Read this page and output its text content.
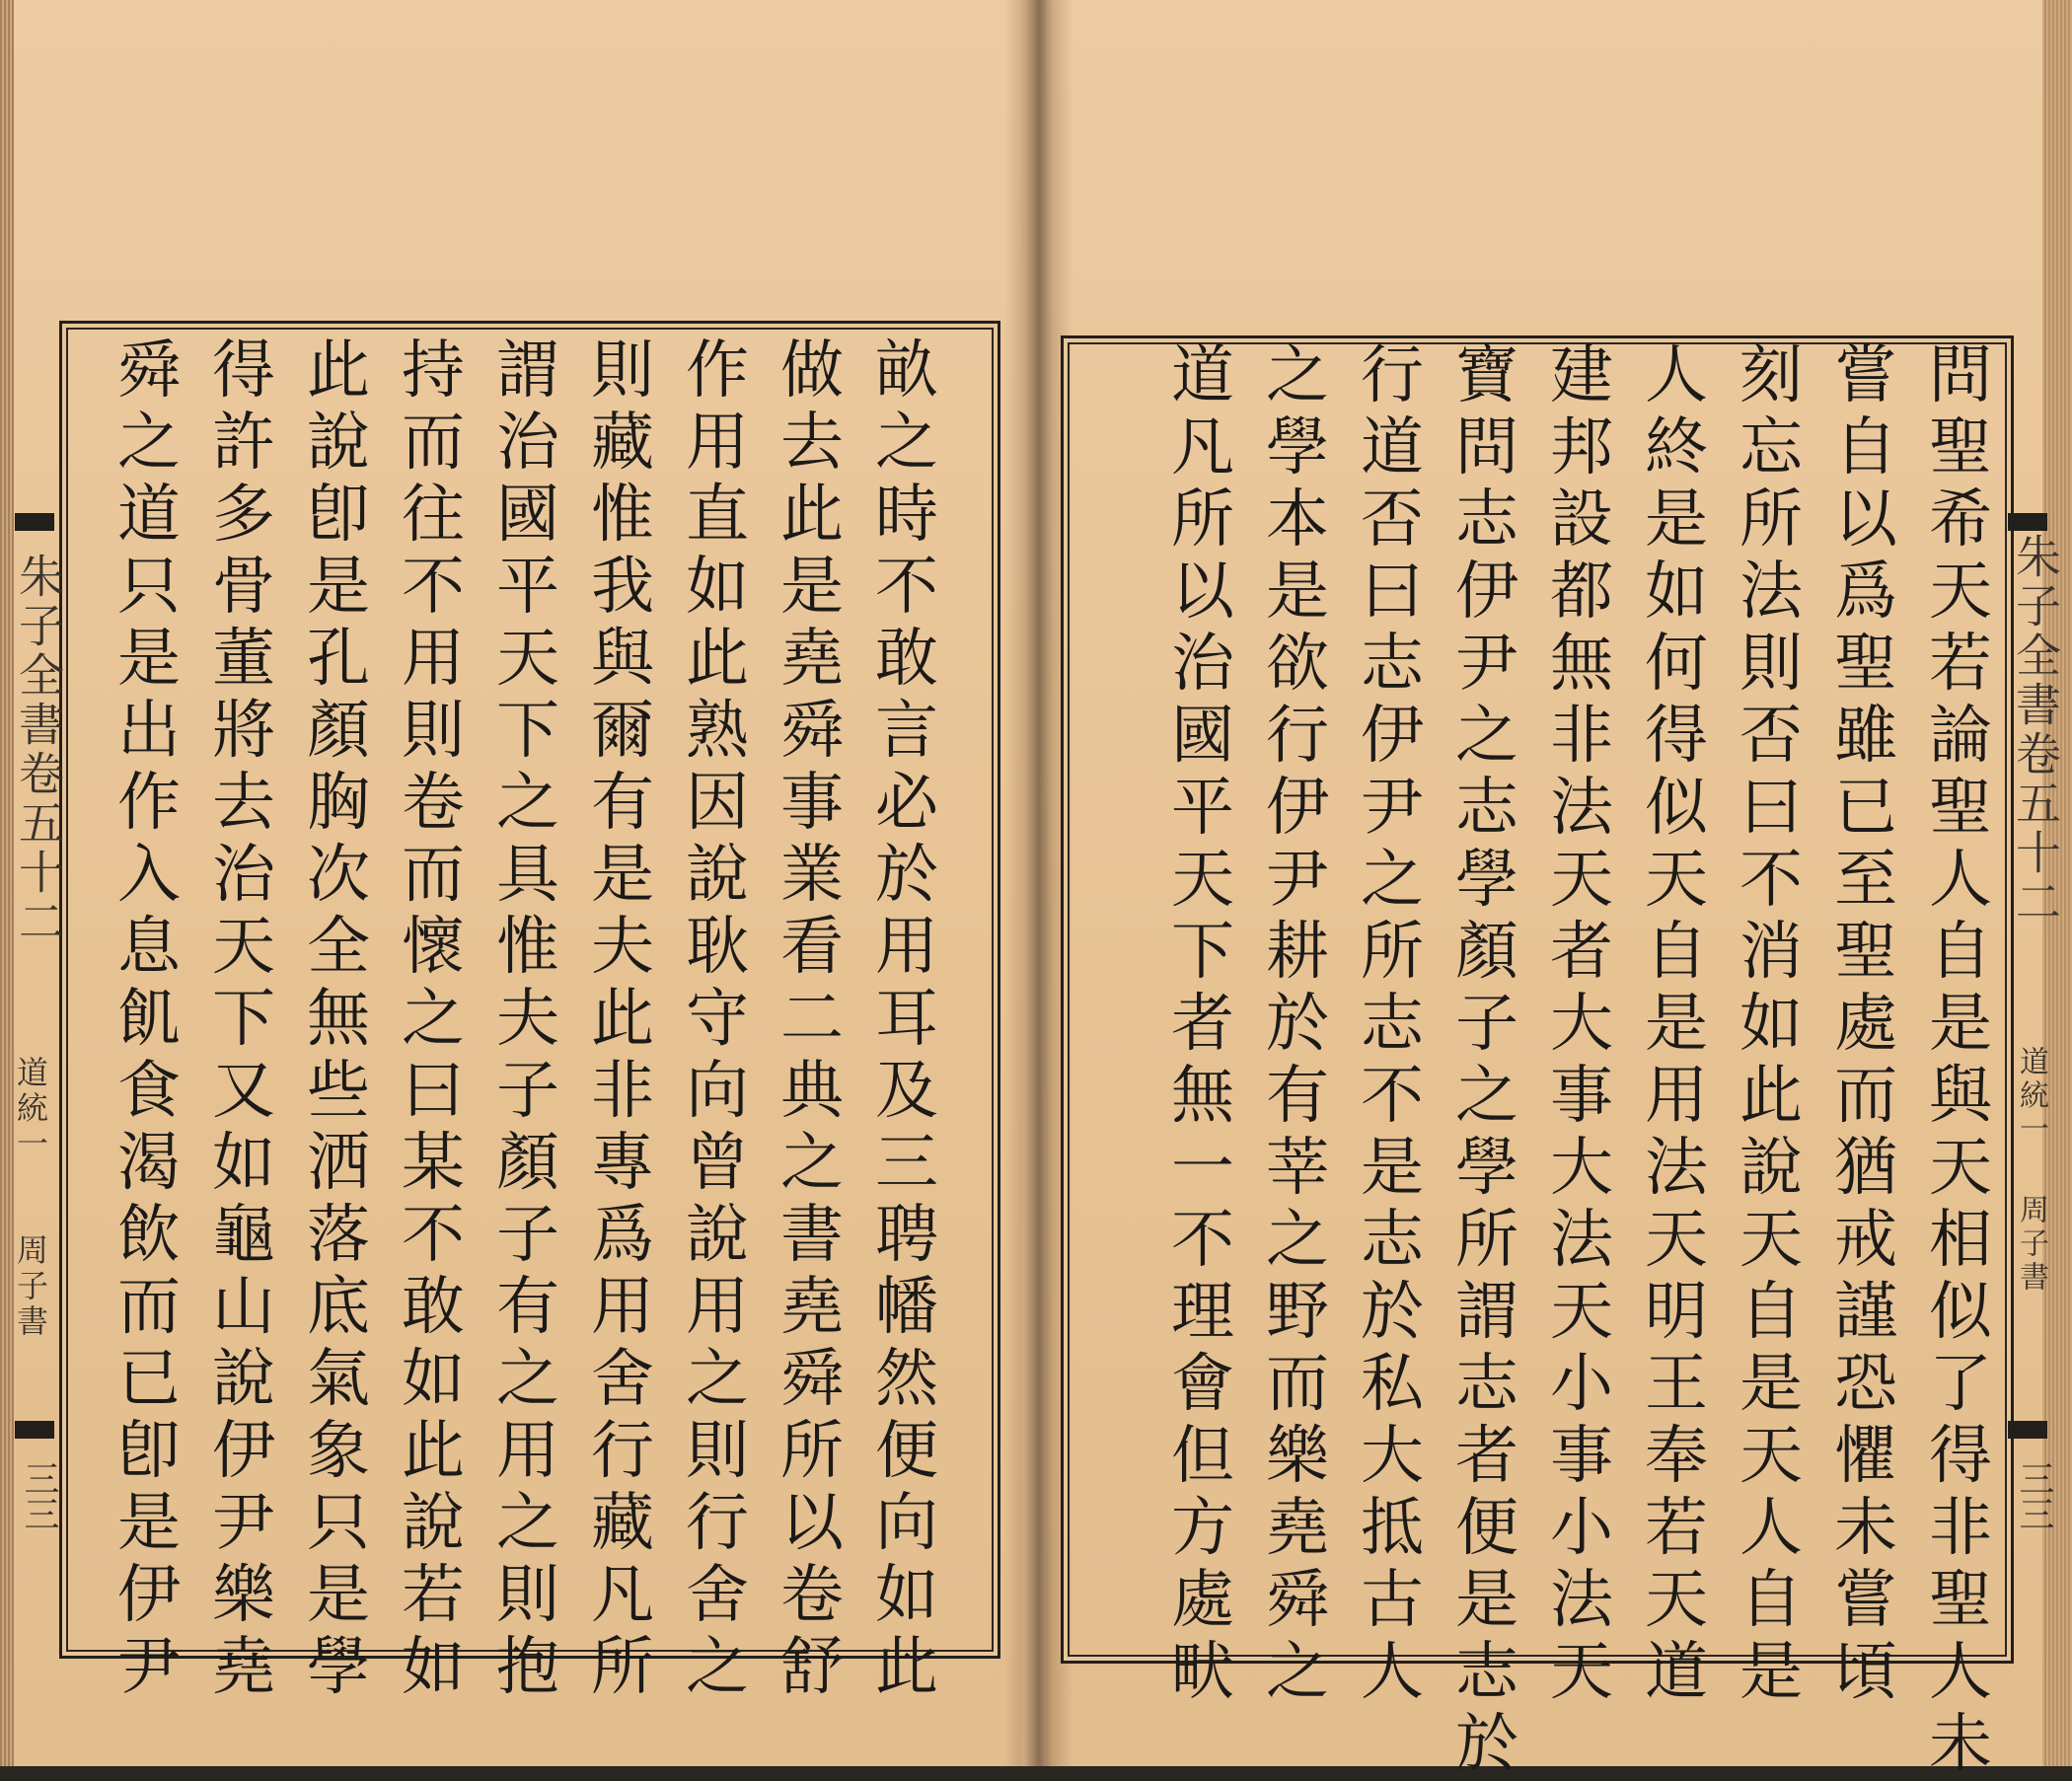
朱子全書卷五十二
道統一
周子書
三三
朱子全書卷五十二
道統一
周子書
三三
畝
之
時
不
敢
言
必
於
用
耳
及
三
聘
幡
然
便
向
如
此
做
去
此
是
堯
舜
事
業
看
二
典
之
書
堯
舜
所
以
卷
舒
作
用
直
如
此
熟
因
說
耿
守
向
曾
說
用
之
則
行
舍
之
則
藏
惟
我
與
爾
有
是
夫
此
非
專
爲
用
舍
行
藏
凡
所
謂
治
國
平
天
下
之
具
惟
夫
子
顏
子
有
之
用
之
則
抱
持
而
往
不
用
則
卷
而
懷
之
曰
某
不
敢
如
此
說
若
如
此
說
卽
是
孔
顏
胸
次
全
無
些
洒
落
底
氣
象
只
是
學
得
許
多
骨
董
將
去
治
天
下
又
如
龜
山
說
伊
尹
樂
堯
舜
之
道
只
是
出
作
入
息
飢
食
渴
飲
而
已
卽
是
伊
尹
問
聖
希
天
若
論
聖
人
自
是
與
天
相
似
了
得
非
聖
人
未
嘗
自
以
爲
聖
雖
已
至
聖
處
而
猶
戒
謹
恐
懼
未
嘗
頃
刻
忘
所
法
則
否
曰
不
消
如
此
說
天
自
是
天
人
自
是
人
終
是
如
何
得
似
天
自
是
用
法
天
明
王
奉
若
天
道
建
邦
設
都
無
非
法
天
者
大
事
大
法
天
小
事
小
法
天
寶
問
志
伊
尹
之
志
學
顏
子
之
學
所
謂
志
者
便
是
志
於
行
道
否
曰
志
伊
尹
之
所
志
不
是
志
於
私
大
抵
古
人
之
學
本
是
欲
行
伊
尹
耕
於
有
莘
之
野
而
樂
堯
舜
之
道
凡
所
以
治
國
平
天
下
者
無
一
不
理
會
但
方
處
畎
